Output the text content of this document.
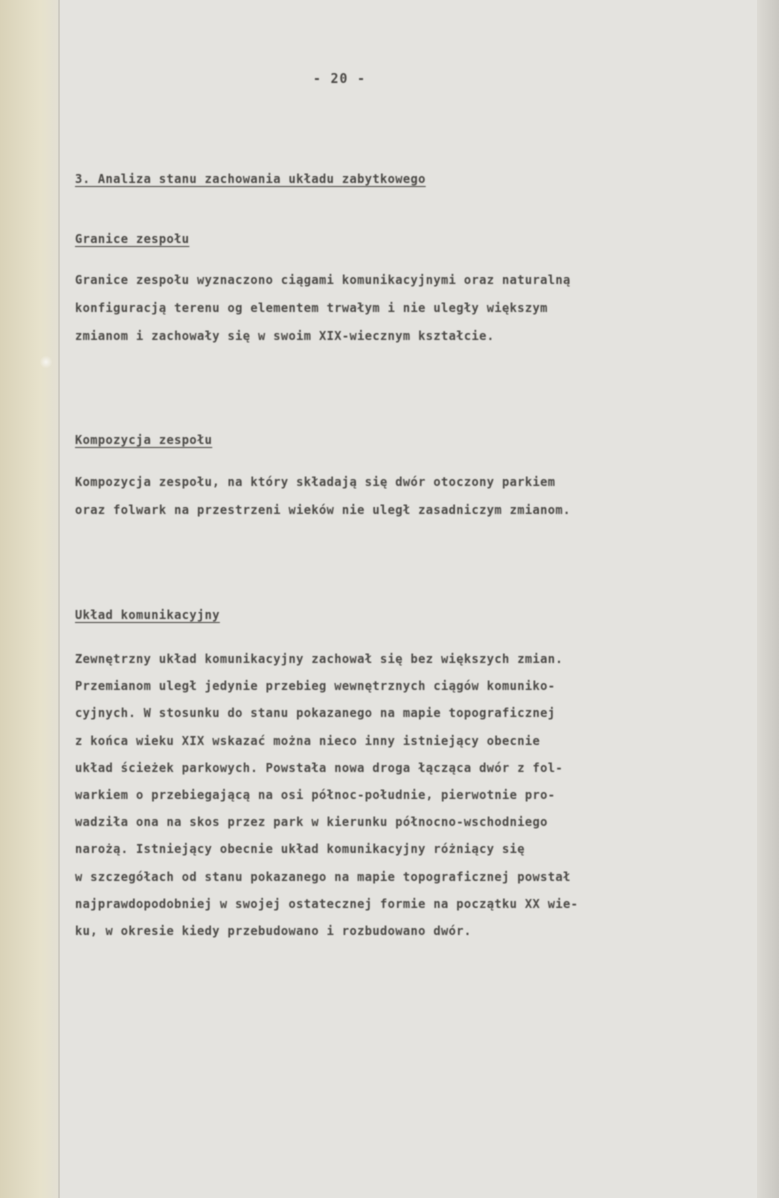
- 20 -
3. Analiza stanu zachowania układu zabytkowego
Granice zespołu
Granice zespołu wyznaczono ciągami komunikacyjnymi oraz naturalną
konfiguracją terenu og elementem trwałym i nie uległy większym
zmianom i zachowały się w swoim XIX-wiecznym kształcie.
Kompozycja zespołu
Kompozycja zespołu, na który składają się dwór otoczony parkiem
oraz folwark na przestrzeni wieków nie uległ zasadniczym zmianom.
Układ komunikacyjny
Zewnętrzny układ komunikacyjny zachował się bez większych zmian.
Przemianom uległ jedynie przebieg wewnętrznych ciągów komuniko-
cyjnych. W stosunku do stanu pokazanego na mapie topograficznej
z końca wieku XIX wskazać można nieco inny istniejący obecnie
układ ścieżek parkowych. Powstała nowa droga łącząca dwór z fol-
warkiem o przebiegającą na osi północ-południe, pierwotnie pro-
wadziła ona na skos przez park w kierunku północno-wschodniego
narożą. Istniejący obecnie układ komunikacyjny różniący się
w szczegółach od stanu pokazanego na mapie topograficznej powstał
najprawdopodobniej w swojej ostatecznej formie na początku XX wie-
ku, w okresie kiedy przebudowano i rozbudowano dwór.
